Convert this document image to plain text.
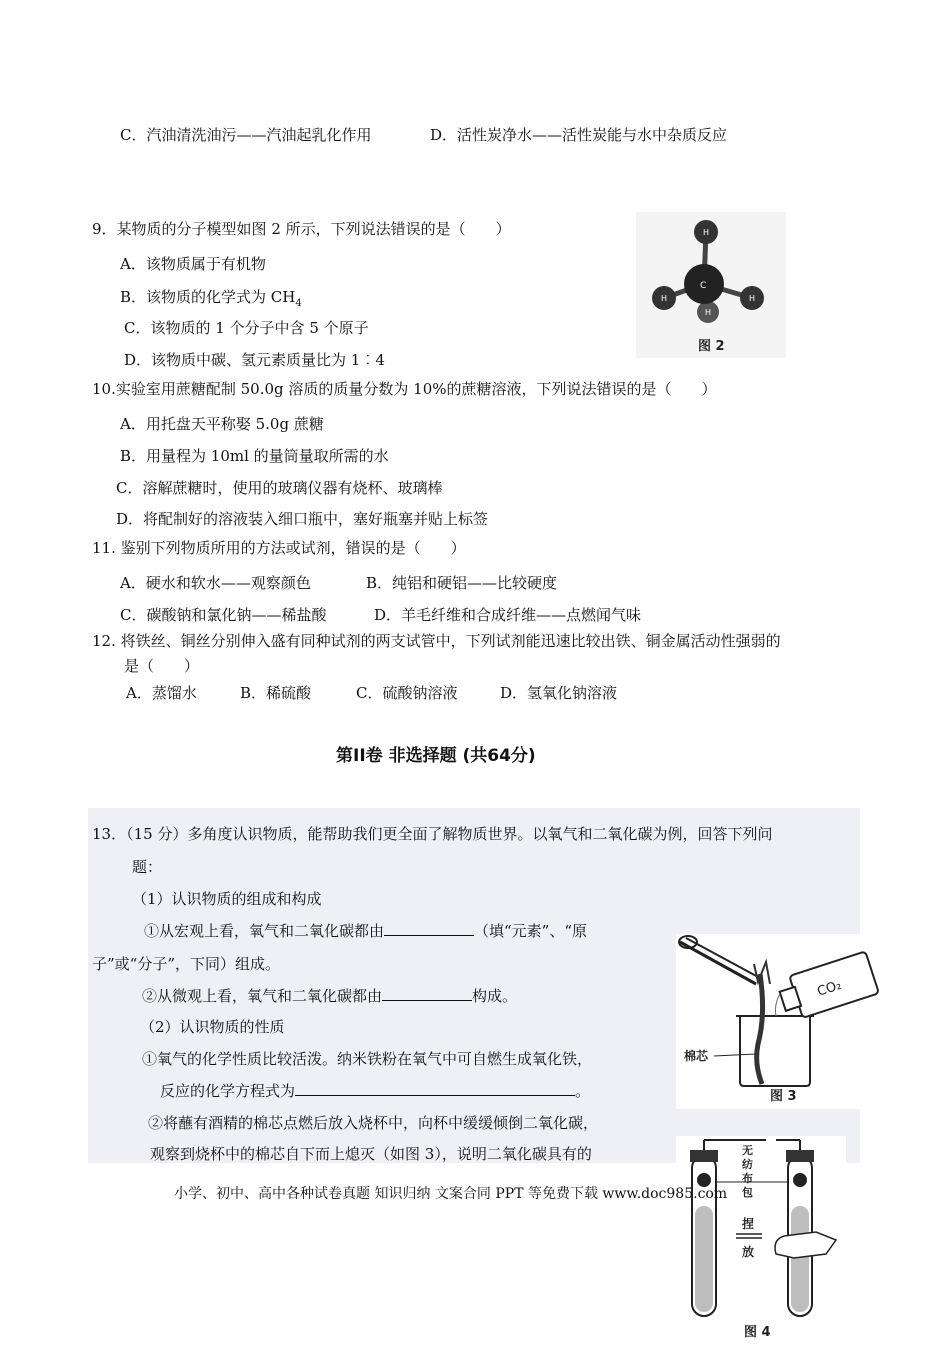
C．汽油清洗油污——汽油起乳化作用	D．活性炭净水——活性炭能与水中杂质反应
9．某物质的分子模型如图 2 所示，下列说法错误的是（　　）
A．该物质属于有机物
B．该物质的化学式为 $CH_4$
C．该物质的 1 个分子中含 5 个原子
D．该物质中碳、氢元素质量比为 1︰4
C
H
H	H
H
图 2
10.实验室用蔗糖配制 50.0g 溶质的质量分数为 10%的蔗糖溶液，下列说法错误的是（　　）
A．用托盘天平称娶 5.0g 蔗糖
B．用量程为 10ml 的量筒量取所需的水
C．溶解蔗糖时，使用的玻璃仪器有烧杯、玻璃棒
D．将配制好的溶液装入细口瓶中，塞好瓶塞并贴上标签
11. 鉴别下列物质所用的方法或试剂，错误的是（　　）
A．硬水和软水——观察颜色	B．纯铝和硬铝——比较硬度
C．碳酸钠和氯化钠——稀盐酸	D．羊毛纤维和合成纤维——点燃闻气味
12. 将铁丝、铜丝分别伸入盛有同种试剂的两支试管中，下列试剂能迅速比较出铁、铜金属活动性强弱的
是（　　）
A．蒸馏水	B．稀硫酸	C．硫酸钠溶液	D．氢氧化钠溶液
第II卷 非选择题 (共64分)
13．（15 分）多角度认识物质，能帮助我们更全面了解物质世界。以氧气和二氧化碳为例，回答下列问
题：
（1）认识物质的组成和构成
①从宏观上看，氧气和二氧化碳都由	（填“元素”、“原
子”或“分子”，下同）组成。
②从微观上看，氧气和二氧化碳都由	构成。
（2）认识物质的性质
①氧气的化学性质比较活泼。纳米铁粉在氧气中可自燃生成氧化铁，
反应的化学方程式为	。
②将蘸有酒精的棉芯点燃后放入烧杯中，向杯中缓缓倾倒二氧化碳，
观察到烧杯中的棉芯自下而上熄灭（如图 3），说明二氧化碳具有的
棉芯
CO₂
图 3
无
纺
布
包
捏
放
图 4
小学、初中、高中各种试卷真题 知识归纳 文案合同 PPT 等免费下载 www.doc985.com
